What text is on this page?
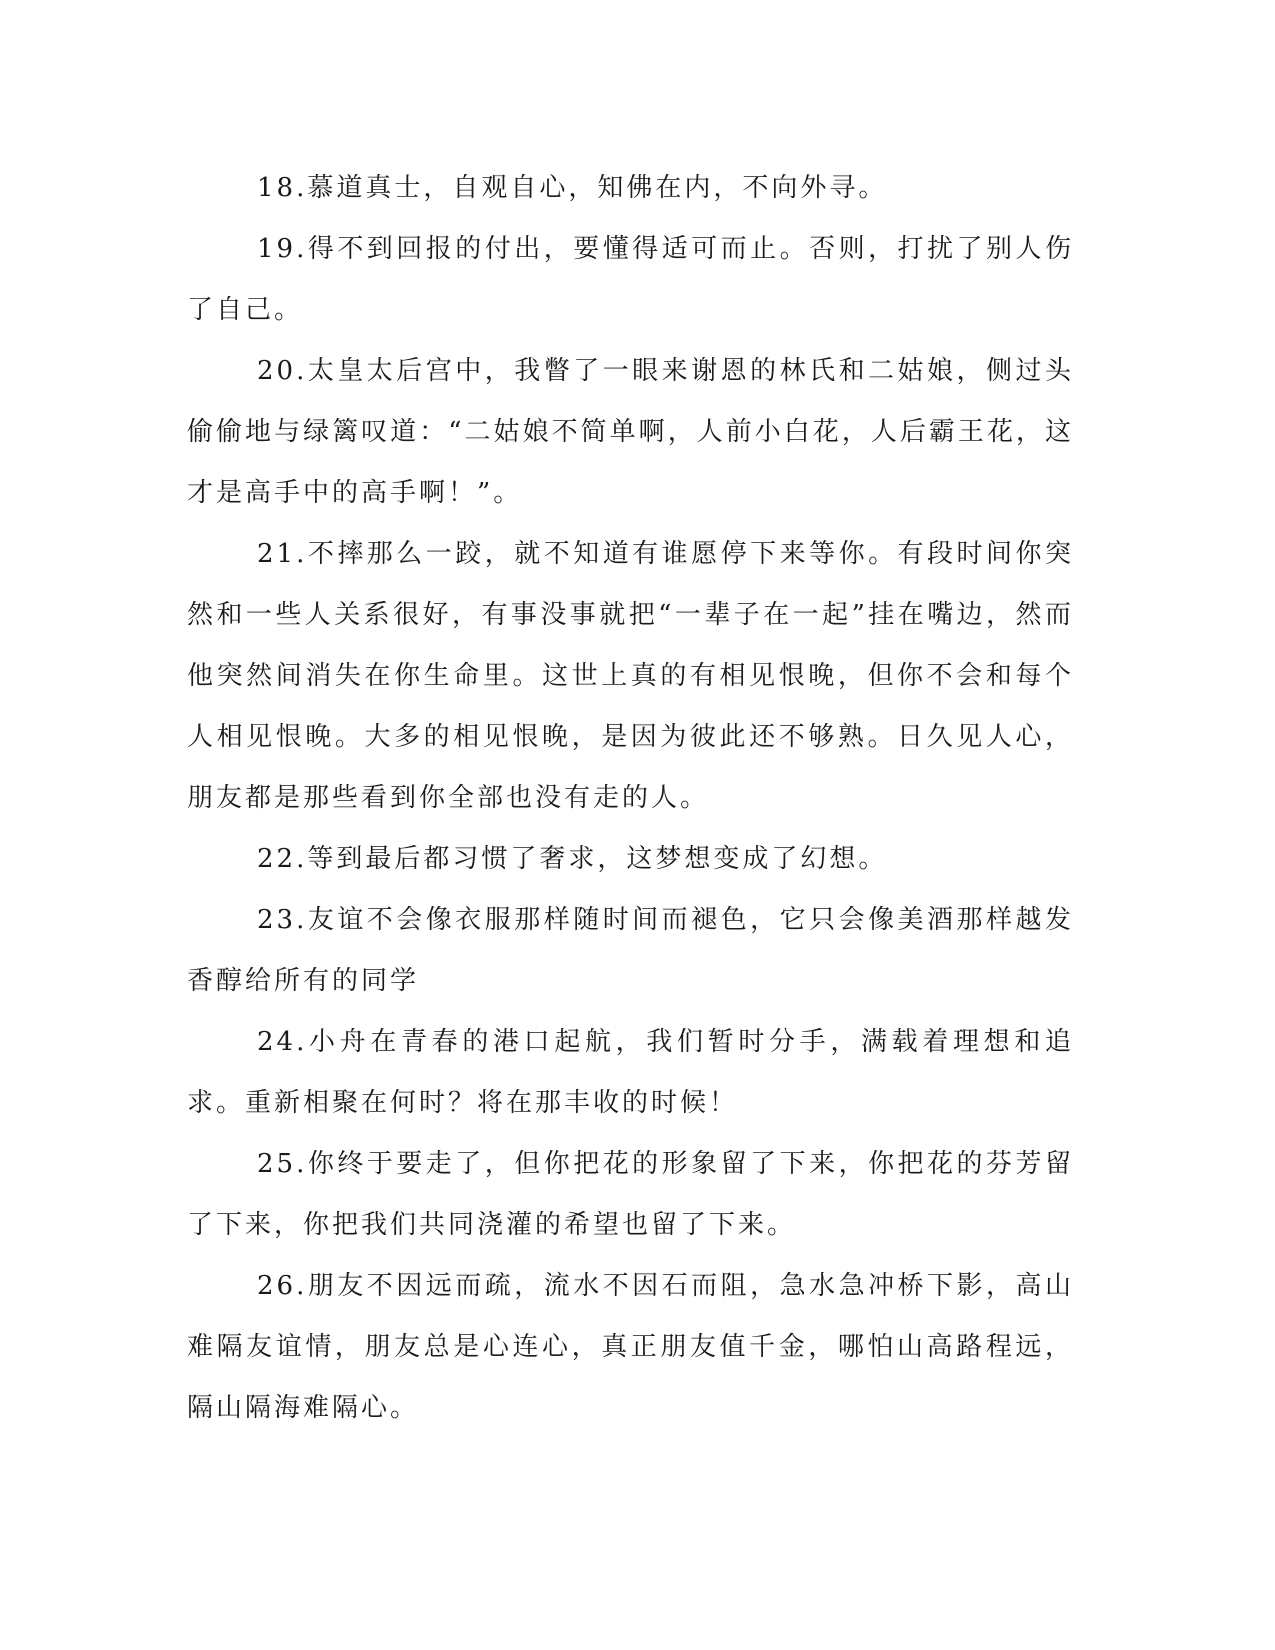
18.慕道真士，自观自心，知佛在内，不向外寻。

19.得不到回报的付出，要懂得适可而止。否则，打扰了别人伤了自己。

20.太皇太后宫中，我瞥了一眼来谢恩的林氏和二姑娘，侧过头偷偷地与绿篱叹道：“二姑娘不简单啊，人前小白花，人后霸王花，这才是高手中的高手啊！”。

21.不摔那么一跤，就不知道有谁愿停下来等你。有段时间你突然和一些人关系很好，有事没事就把“一辈子在一起”挂在嘴边，然而他突然间消失在你生命里。这世上真的有相见恨晚，但你不会和每个人相见恨晚。大多的相见恨晚，是因为彼此还不够熟。日久见人心，朋友都是那些看到你全部也没有走的人。

22.等到最后都习惯了奢求，这梦想变成了幻想。

23.友谊不会像衣服那样随时间而褪色，它只会像美酒那样越发香醇给所有的同学

24.小舟在青春的港口起航，我们暂时分手，满载着理想和追求。重新相聚在何时？将在那丰收的时候！

25.你终于要走了，但你把花的形象留了下来，你把花的芬芳留了下来，你把我们共同浇灌的希望也留了下来。

26.朋友不因远而疏，流水不因石而阻，急水急冲桥下影，高山难隔友谊情，朋友总是心连心，真正朋友值千金，哪怕山高路程远，隔山隔海难隔心。
